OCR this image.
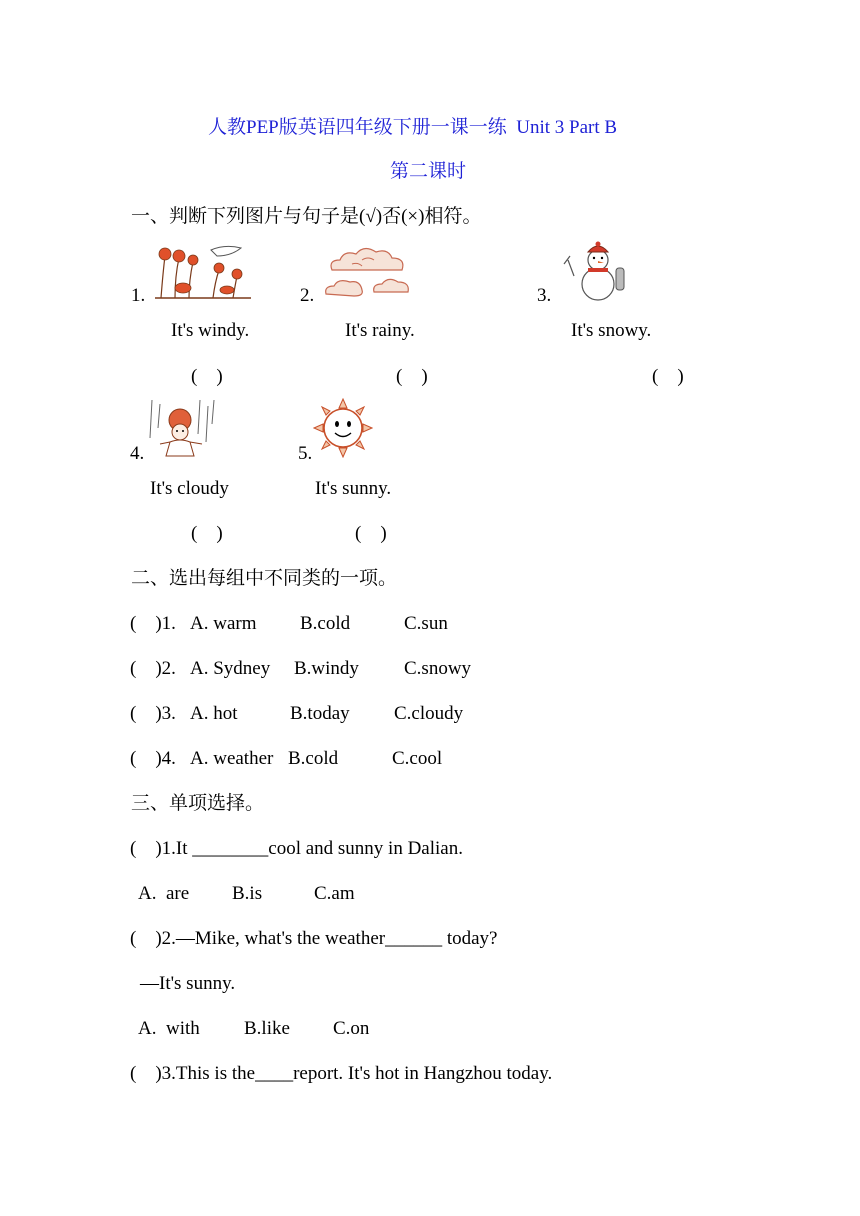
人教PEP版英语四年级下册一课一练  Unit 3 Part B
第二课时
一、判断下列图片与句子是(√)否(×)相符。
1.
It's windy.
(    )
2.
It's rainy.
(    )
3.
It's snowy.
(    )
4.
It's cloudy
(    )
5.
It's sunny.
(    )
二、选出每组中不同类的一项。
(    )1. A. warm B.cold	C.sun
(    )2. A. Sydney B.windy C.snowy
(    )3. A. hot	B.today C.cloudy
(    )4. A. weather B.cold	C.cool
三、单项选择。
(    )1.It ________cool and sunny in Dalian.
A.  are B.is	C.am
(    )2.—Mike, what's the weather______ today?
—It's sunny.
A.  with B.like C.on
(    )3.This is the____report. It's hot in Hangzhou today.
